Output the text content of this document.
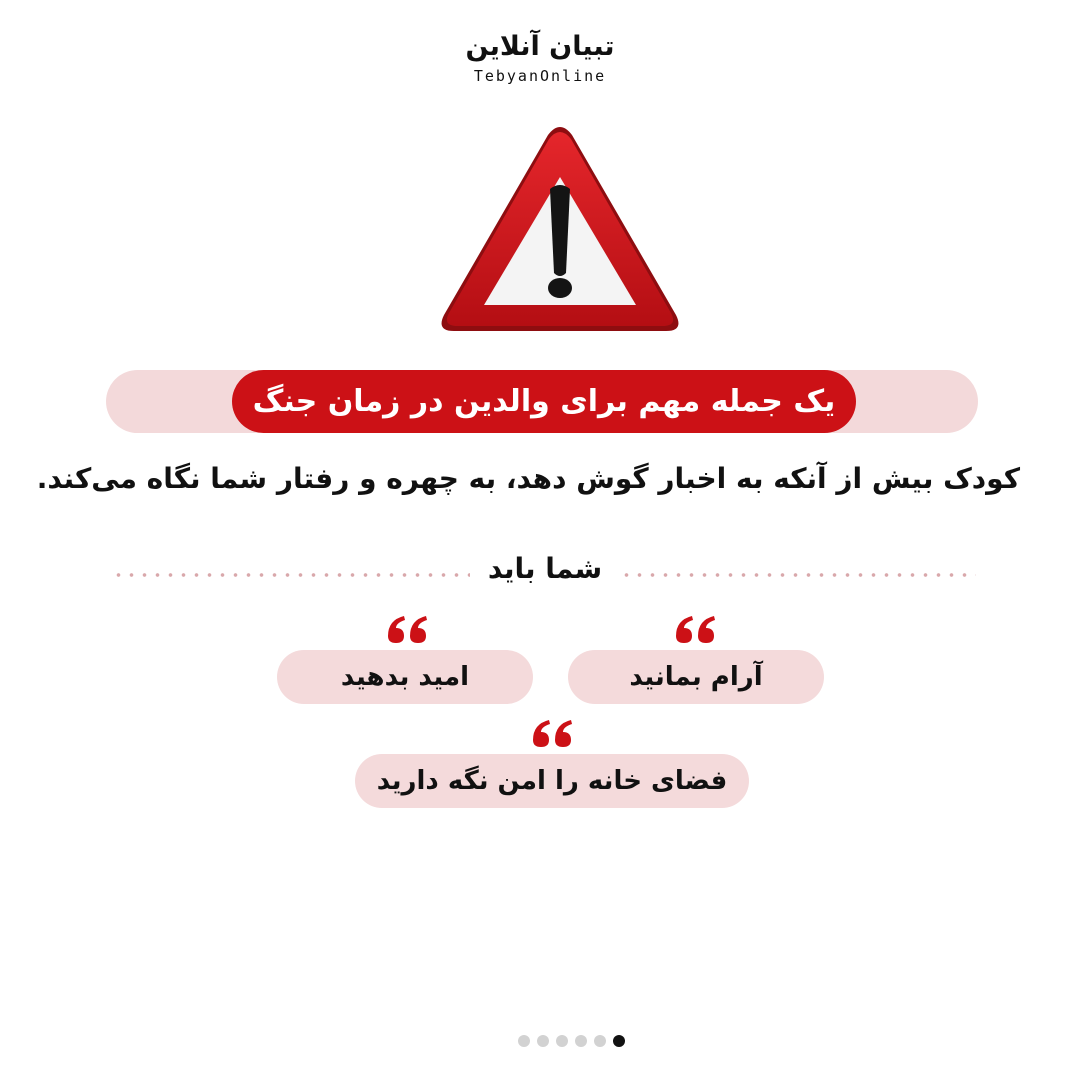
تبیان آنلاین
TebyanOnline
یک جمله مهم برای والدین در زمان جنگ
کودک بیش از آنکه به اخبار گوش دهد، به چهره و رفتار شما نگاه می‌کند.
شما باید
آرام بمانید
امید بدهید
فضای خانه را امن نگه دارید
